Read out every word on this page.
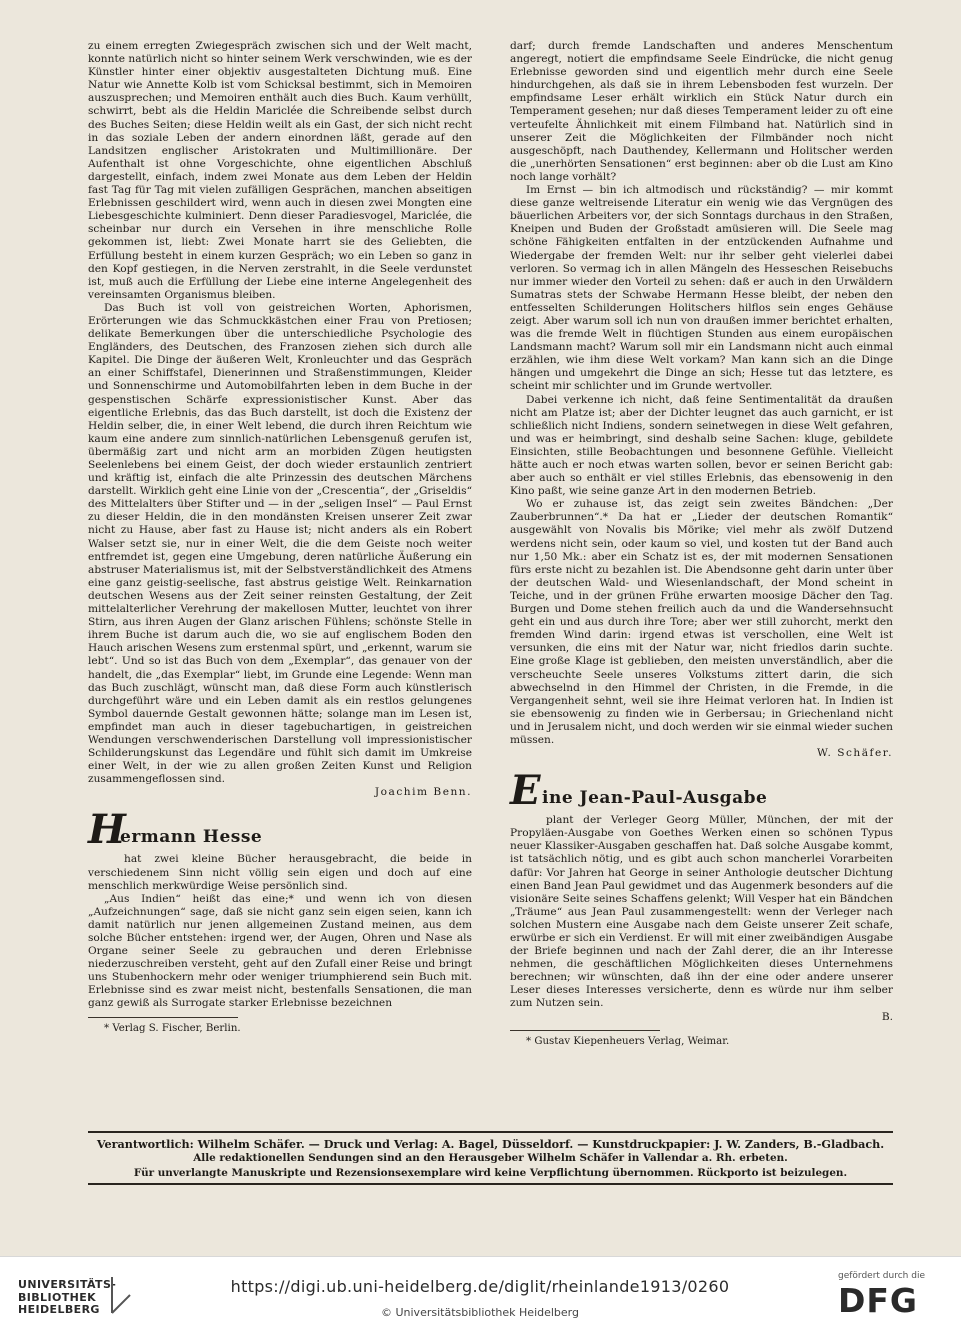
zu einem erregten Zwiegespräch zwischen sich und der Welt macht, konnte natürlich nicht so hinter seinem Werk verschwinden, wie es der Künstler hinter einer objektiv ausgestalteten Dichtung muß. Eine Natur wie Annette Kolb ist vom Schicksal bestimmt, sich in Memoiren auszusprechen; und Memoiren enthält auch dies Buch. Kaum verhüllt, schwirrt, bebt als die Heldin Mariclée die Schreibende selbst durch des Buches Seiten; diese Heldin weilt als ein Gast, der sich nicht recht in das soziale Leben der andern einordnen läßt, gerade auf den Landsitzen englischer Aristokraten und Multimillionäre. Der Aufenthalt ist ohne Vorgeschichte, ohne eigentlichen Abschluß dargestellt, einfach, indem zwei Monate aus dem Leben der Heldin fast Tag für Tag mit vielen zufälligen Gesprächen, manchen abseitigen Erlebnissen geschildert wird, wenn auch in diesen zwei Mongten eine Liebesgeschichte kulminiert. Denn dieser Paradiesvogel, Mariclée, die scheinbar nur durch ein Versehen in ihre menschliche Rolle gekommen ist, liebt: Zwei Monate harrt sie des Geliebten, die Erfüllung besteht in einem kurzen Gespräch; wo ein Leben so ganz in den Kopf gestiegen, in die Nerven zerstrahlt, in die Seele verdunstet ist, muß auch die Erfüllung der Liebe eine interne Angelegenheit des vereinsamten Organismus bleiben.

Das Buch ist voll von geistreichen Worten, Aphorismen, Erörterungen wie das Schmuckkästchen einer Frau von Pretiosen; delikate Bemerkungen über die unterschiedliche Psychologie des Engländers, des Deutschen, des Franzosen ziehen sich durch alle Kapitel. Die Dinge der äußeren Welt, Kronleuchter und das Gespräch an einer Schiffstafel, Dienerinnen und Straßenstimmungen, Kleider und Sonnenschirme und Automobilfahrten leben in dem Buche in der gespenstischen Schärfe expressionistischer Kunst. Aber das eigentliche Erlebnis, das das Buch darstellt, ist doch die Existenz der Heldin selber, die, in einer Welt lebend, die durch ihren Reichtum wie kaum eine andere zum sinnlich-natürlichen Lebensgenuß gerufen ist, übermäßig zart und nicht arm an morbiden Zügen heutigsten Seelenlebens bei einem Geist, der doch wieder erstaunlich zentriert und kräftig ist, einfach die alte Prinzessin des deutschen Märchens darstellt. Wirklich geht eine Linie von der „Crescentia“, der „Griseldis“ des Mittelalters über Stifter und — in der „seligen Insel“ — Paul Ernst zu dieser Heldin, die in den mondänsten Kreisen unserer Zeit zwar nicht zu Hause, aber fast zu Hause ist; nicht anders als ein Robert Walser setzt sie, nur in einer Welt, die die dem Geiste noch weiter entfremdet ist, gegen eine Umgebung, deren natürliche Äußerung ein abstruser Materialismus ist, mit der Selbstverständlichkeit des Atmens eine ganz geistig-seelische, fast abstrus geistige Welt. Reinkarnation deutschen Wesens aus der Zeit seiner reinsten Gestaltung, der Zeit mittelalterlicher Verehrung der makellosen Mutter, leuchtet von ihrer Stirn, aus ihren Augen der Glanz arischen Fühlens; schönste Stelle in ihrem Buche ist darum auch die, wo sie auf englischem Boden den Hauch arischen Wesens zum erstenmal spürt, und „erkennt, warum sie lebt“. Und so ist das Buch von dem „Exemplar“, das genauer von der handelt, die „das Exemplar“ liebt, im Grunde eine Legende: Wenn man das Buch zuschlägt, wünscht man, daß diese Form auch künstlerisch durchgeführt wäre und ein Leben damit als ein restlos gelungenes Symbol dauernde Gestalt gewonnen hätte; solange man im Lesen ist, empfindet man auch in dieser tagebuchartigen, in geistreichen Wendungen verschwenderischen Darstellung voll impressionistischer Schilderungskunst das Legendäre und fühlt sich damit im Umkreise einer Welt, in der wie zu allen großen Zeiten Kunst und Religion zusammengeflossen sind.

Joachim Benn.

H
ermann Hesse

hat zwei kleine Bücher herausgebracht, die beide in verschiedenem Sinn nicht völlig sein eigen und doch auf eine menschlich merkwürdige Weise persönlich sind.

„Aus Indien“ heißt das eine;* und wenn ich von diesen „Aufzeichnungen“ sage, daß sie nicht ganz sein eigen seien, kann ich damit natürlich nur jenen allgemeinen Zustand meinen, aus dem solche Bücher entstehen: irgend wer, der Augen, Ohren und Nase als Organe seiner Seele zu gebrauchen und deren Erlebnisse niederzuschreiben versteht, geht auf den Zufall einer Reise und bringt uns Stubenhockern mehr oder weniger triumphierend sein Buch mit. Erlebnisse sind es zwar meist nicht, bestenfalls Sensationen, die man ganz gewiß als Surrogate starker Erlebnisse bezeichnen

* Verlag S. Fischer, Berlin.

darf; durch fremde Landschaften und anderes Menschentum angeregt, notiert die empfindsame Seele Eindrücke, die nicht genug Erlebnisse geworden sind und eigentlich mehr durch eine Seele hindurchgehen, als daß sie in ihrem Lebensboden fest wurzeln. Der empfindsame Leser erhält wirklich ein Stück Natur durch ein Temperament gesehen; nur daß dieses Temperament leider zu oft eine verteufelte Ähnlichkeit mit einem Filmband hat. Natürlich sind in unserer Zeit die Möglichkeiten der Filmbänder noch nicht ausgeschöpft, nach Dauthendey, Kellermann und Holitscher werden die „unerhörten Sensationen“ erst beginnen: aber ob die Lust am Kino noch lange vorhält?

Im Ernst — bin ich altmodisch und rückständig? — mir kommt diese ganze weltreisende Literatur ein wenig wie das Vergnügen des bäuerlichen Arbeiters vor, der sich Sonntags durchaus in den Straßen, Kneipen und Buden der Großstadt amüsieren will. Die Seele mag schöne Fähigkeiten entfalten in der entzückenden Aufnahme und Wiedergabe der fremden Welt: nur ihr selber geht vielerlei dabei verloren. So vermag ich in allen Mängeln des Hesseschen Reisebuchs nur immer wieder den Vorteil zu sehen: daß er auch in den Urwäldern Sumatras stets der Schwabe Hermann Hesse bleibt, der neben den entfesselten Schilderungen Holitschers hilflos sein enges Gehäuse zeigt. Aber warum soll ich nun von draußen immer berichtet erhalten, was die fremde Welt in flüchtigen Stunden aus einem europäischen Landsmann macht? Warum soll mir ein Landsmann nicht auch einmal erzählen, wie ihm diese Welt vorkam? Man kann sich an die Dinge hängen und umgekehrt die Dinge an sich; Hesse tut das letztere, es scheint mir schlichter und im Grunde wertvoller.

Dabei verkenne ich nicht, daß feine Sentimentalität da draußen nicht am Platze ist; aber der Dichter leugnet das auch garnicht, er ist schließlich nicht Indiens, sondern seinetwegen in diese Welt gefahren, und was er heimbringt, sind deshalb seine Sachen: kluge, gebildete Einsichten, stille Beobachtungen und besonnene Gefühle. Vielleicht hätte auch er noch etwas warten sollen, bevor er seinen Bericht gab: aber auch so enthält er viel stilles Erlebnis, das ebensowenig in den Kino paßt, wie seine ganze Art in den modernen Betrieb.

Wo er zuhause ist, das zeigt sein zweites Bändchen: „Der Zauberbrunnen“.* Da hat er „Lieder der deutschen Romantik“ ausgewählt von Novalis bis Mörike; viel mehr als zwölf Dutzend werdens nicht sein, oder kaum so viel, und kosten tut der Band auch nur 1,50 Mk.: aber ein Schatz ist es, der mit modernen Sensationen fürs erste nicht zu bezahlen ist. Die Abendsonne geht darin unter über der deutschen Wald- und Wiesenlandschaft, der Mond scheint in Teiche, und in der grünen Frühe erwarten moosige Dächer den Tag. Burgen und Dome stehen freilich auch da und die Wandersehnsucht geht ein und aus durch ihre Tore; aber wer still zuhorcht, merkt den fremden Wind darin: irgend etwas ist verschollen, eine Welt ist versunken, die eins mit der Natur war, nicht friedlos darin suchte. Eine große Klage ist geblieben, den meisten unverständlich, aber die verscheuchte Seele unseres Volkstums zittert darin, die sich abwechselnd in den Himmel der Christen, in die Fremde, in die Vergangenheit sehnt, weil sie ihre Heimat verloren hat. In Indien ist sie ebensowenig zu finden wie in Gerbersau; in Griechenland nicht und in Jerusalem nicht, und doch werden wir sie einmal wieder suchen müssen.

W. Schäfer.

E ine Jean-Paul-Ausgabe

plant der Verleger Georg Müller, München, der mit der Propyläen-Ausgabe von Goethes Werken einen so schönen Typus neuer Klassiker-Ausgaben geschaffen hat. Daß solche Ausgabe kommt, ist tatsächlich nötig, und es gibt auch schon mancherlei Vorarbeiten dafür: Vor Jahren hat George in seiner Anthologie deutscher Dichtung einen Band Jean Paul gewidmet und das Augenmerk besonders auf die visionäre Seite seines Schaffens gelenkt; Will Vesper hat ein Bändchen „Träume“ aus Jean Paul zusammengestellt: wenn der Verleger nach solchen Mustern eine Ausgabe nach dem Geiste unserer Zeit schafe, erwürbe er sich ein Verdienst. Er will mit einer zweibändigen Ausgabe der Briefe beginnen und nach der Zahl derer, die an ihr Interesse nehmen, die geschäftlichen Möglichkeiten dieses Unternehmens berechnen; wir wünschten, daß ihn der eine oder andere unserer Leser dieses Interesses versicherte, denn es würde nur ihm selber zum Nutzen sein.

B.

* Gustav Kiepenheuers Verlag, Weimar.

Verantwortlich: Wilhelm Schäfer. — Druck und Verlag: A. Bagel, Düsseldorf. — Kunstdruckpapier: J. W. Zanders, B.-Gladbach.
Alle redaktionellen Sendungen sind an den Herausgeber Wilhelm Schäfer in Vallendar a. Rh. erbeten.
Für unverlangte Manuskripte und Rezensionsexemplare wird keine Verpflichtung übernommen. Rückporto ist beizulegen.
UNIVERSITÄTS-
BIBLIOTHEK
HEIDELBERG
https://digi.ub.uni-heidelberg.de/diglit/rheinlande1913/0260
© Universitätsbibliothek Heidelberg
gefördert durch die
DFG
